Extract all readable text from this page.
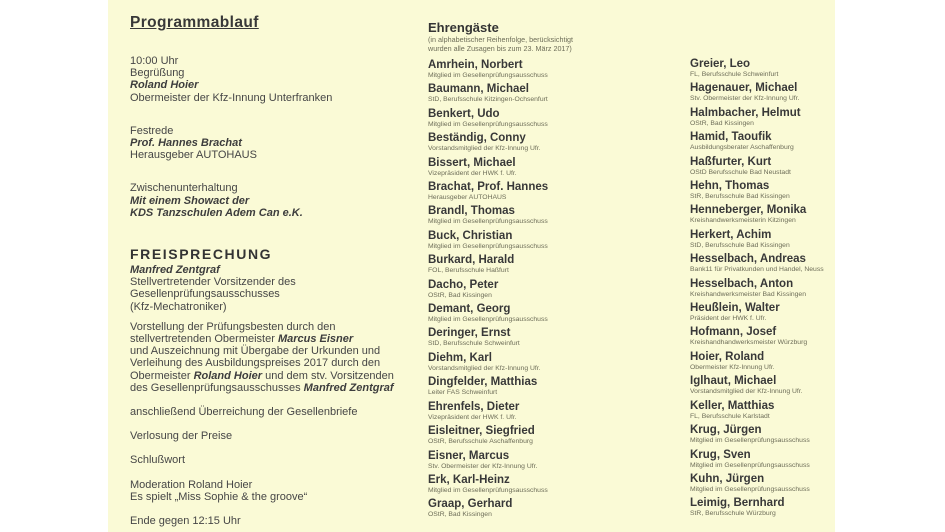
Programmablauf
10:00 Uhr
Begrüßung
Roland Hoier
Obermeister der Kfz-Innung Unterfranken
Festrede
Prof. Hannes Brachat
Herausgeber AUTOHAUS
Zwischenunterhaltung
Mit einem Showact der
KDS Tanzschulen Adem Can e.K.
FREISPRECHUNG
Manfred Zentgraf
Stellvertretender Vorsitzender des
Gesellenprüfungsausschusses
(Kfz-Mechatroniker)
Vorstellung der Prüfungsbesten durch den
stellvertretenden Obermeister Marcus Eisner
und Auszeichnung mit Übergabe der Urkunden und
Verleihung des Ausbildungspreises 2017 durch den
Obermeister Roland Hoier und dem stv. Vorsitzenden
des Gesellenprüfungsausschusses Manfred Zentgraf
anschließend Überreichung der Gesellenbriefe
Verlosung der Preise
Schlußwort
Moderation Roland Hoier
Es spielt „Miss Sophie & the groove“
Ende gegen 12:15 Uhr
Ehrengäste
(in alphabetischer Reihenfolge, berücksichtigt
wurden alle Zusagen bis zum 23. März 2017)
Amrhein, Norbert
Mitglied im Gesellenprüfungsausschuss
Baumann, Michael
StD, Berufsschule Kitzingen-Ochsenfurt
Benkert, Udo
Mitglied im Gesellenprüfungsausschuss
Beständig, Conny
Vorstandsmitglied der Kfz-Innung Ufr.
Bissert, Michael
Vizepräsident der HWK f. Ufr.
Brachat, Prof. Hannes
Herausgeber AUTOHAUS
Brandl, Thomas
Mitglied im Gesellenprüfungsausschuss
Buck, Christian
Mitglied im Gesellenprüfungsausschuss
Burkard, Harald
FOL, Berufsschule Haßfurt
Dacho, Peter
OStR, Bad Kissingen
Demant, Georg
Mitglied im Gesellenprüfungsausschuss
Deringer, Ernst
StD, Berufsschule Schweinfurt
Diehm, Karl
Vorstandsmitglied der Kfz-Innung Ufr.
Dingfelder, Matthias
Leiter FAS Schweinfurt
Ehrenfels, Dieter
Vizepräsident der HWK f. Ufr.
Eisleitner, Siegfried
OStR, Berufsschule Aschaffenburg
Eisner, Marcus
Stv. Obermeister der Kfz-Innung Ufr.
Erk, Karl-Heinz
Mitglied im Gesellenprüfungsausschuss
Graap, Gerhard
OStR, Bad Kissingen
Greier, Leo
FL, Berufsschule Schweinfurt
Hagenauer, Michael
Stv. Obermeister der Kfz-Innung Ufr.
Halmbacher, Helmut
OStR, Bad Kissingen
Hamid, Taoufik
Ausbildungsberater Aschaffenburg
Haßfurter, Kurt
OStD Berufsschule Bad Neustadt
Hehn, Thomas
StR, Berufsschule Bad Kissingen
Henneberger, Monika
Kreishandwerksmeisterin Kitzingen
Herkert, Achim
StD, Berufsschule Bad Kissingen
Hesselbach, Andreas
Bank11 für Privatkunden und Handel, Neuss
Hesselbach, Anton
Kreishandwerksmeister Bad Kissingen
Heußlein, Walter
Präsident der HWK f. Ufr.
Hofmann, Josef
Kreishandhandwerksmeister Würzburg
Hoier, Roland
Obermeister Kfz-Innung Ufr.
Iglhaut, Michael
Vorstandsmitglied der Kfz-Innung Ufr.
Keller, Matthias
FL, Berufsschule Karlstadt
Krug, Jürgen
Mitglied im Gesellenprüfungsausschuss
Krug, Sven
Mitglied im Gesellenprüfungsausschuss
Kuhn, Jürgen
Mitglied im Gesellenprüfungsausschuss
Leimig, Bernhard
StR, Berufsschule Würzburg
